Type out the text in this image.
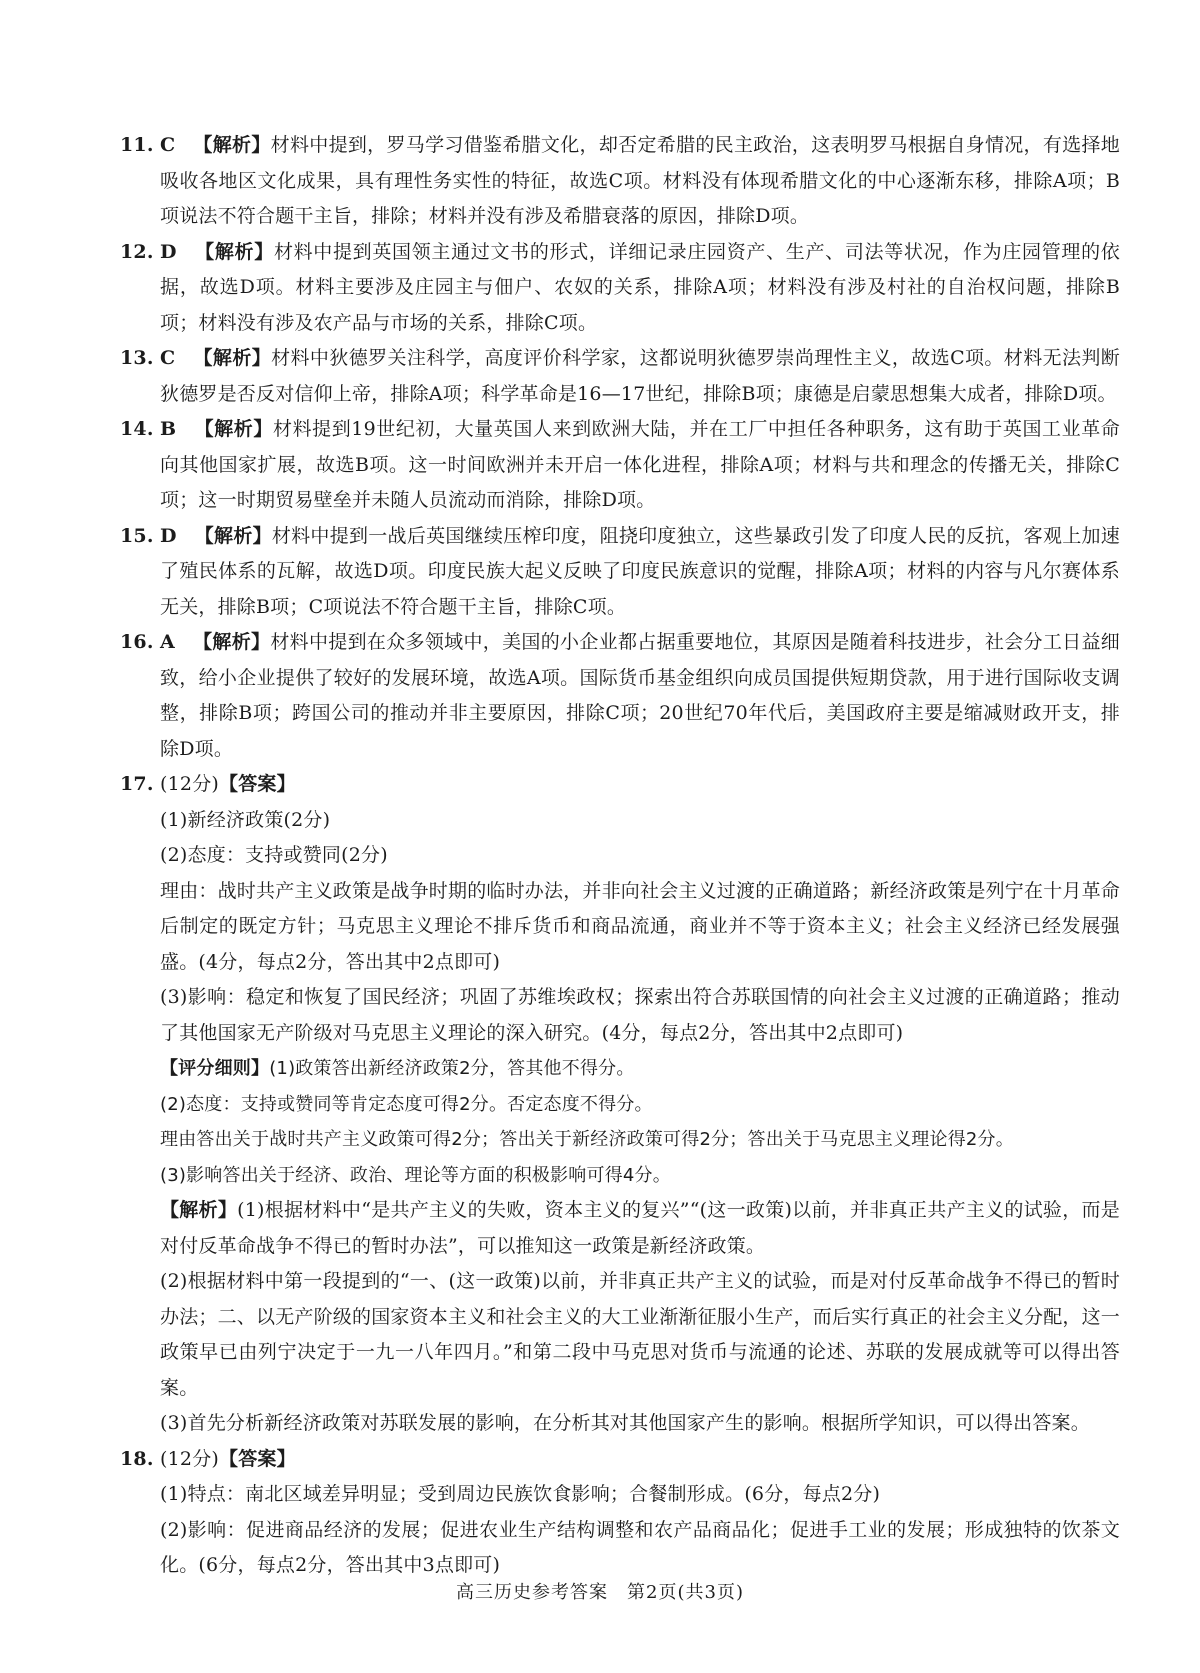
11. C 【解析】材料中提到，罗马学习借鉴希腊文化，却否定希腊的民主政治，这表明罗马根据自身情况，有选择地吸收各地区文化成果，具有理性务实性的特征，故选C项。材料没有体现希腊文化的中心逐渐东移，排除A项；B项说法不符合题干主旨，排除；材料并没有涉及希腊衰落的原因，排除D项。
12. D 【解析】材料中提到英国领主通过文书的形式，详细记录庄园资产、生产、司法等状况，作为庄园管理的依据，故选D项。材料主要涉及庄园主与佃户、农奴的关系，排除A项；材料没有涉及村社的自治权问题，排除B项；材料没有涉及农产品与市场的关系，排除C项。
13. C 【解析】材料中狄德罗关注科学，高度评价科学家，这都说明狄德罗崇尚理性主义，故选C项。材料无法判断狄德罗是否反对信仰上帝，排除A项；科学革命是16—17世纪，排除B项；康德是启蒙思想集大成者，排除D项。
14. B 【解析】材料提到19世纪初，大量英国人来到欧洲大陆，并在工厂中担任各种职务，这有助于英国工业革命向其他国家扩展，故选B项。这一时间欧洲并未开启一体化进程，排除A项；材料与共和理念的传播无关，排除C项；这一时期贸易壁垒并未随人员流动而消除，排除D项。
15. D 【解析】材料中提到一战后英国继续压榨印度，阻挠印度独立，这些暴政引发了印度人民的反抗，客观上加速了殖民体系的瓦解，故选D项。印度民族大起义反映了印度民族意识的觉醒，排除A项；材料的内容与凡尔赛体系无关，排除B项；C项说法不符合题干主旨，排除C项。
16. A 【解析】材料中提到在众多领域中，美国的小企业都占据重要地位，其原因是随着科技进步，社会分工日益细致，给小企业提供了较好的发展环境，故选A项。国际货币基金组织向成员国提供短期贷款，用于进行国际收支调整，排除B项；跨国公司的推动并非主要原因，排除C项；20世纪70年代后，美国政府主要是缩减财政开支，排除D项。
17. (12分)【答案】
(1)新经济政策(2分)
(2)态度：支持或赞同(2分)
理由：战时共产主义政策是战争时期的临时办法，并非向社会主义过渡的正确道路；新经济政策是列宁在十月革命后制定的既定方针；马克思主义理论不排斥货币和商品流通，商业并不等于资本主义；社会主义经济已经发展强盛。(4分，每点2分，答出其中2点即可)
(3)影响：稳定和恢复了国民经济；巩固了苏维埃政权；探索出符合苏联国情的向社会主义过渡的正确道路；推动了其他国家无产阶级对马克思主义理论的深入研究。(4分，每点2分，答出其中2点即可)
【评分细则】(1)政策答出新经济政策2分，答其他不得分。
(2)态度：支持或赞同等肯定态度可得2分。否定态度不得分。
理由答出关于战时共产主义政策可得2分；答出关于新经济政策可得2分；答出关于马克思主义理论得2分。
(3)影响答出关于经济、政治、理论等方面的积极影响可得4分。
【解析】(1)根据材料中“是共产主义的失败，资本主义的复兴”“(这一政策)以前，并非真正共产主义的试验，而是对付反革命战争不得已的暂时办法”，可以推知这一政策是新经济政策。
(2)根据材料中第一段提到的“一、(这一政策)以前，并非真正共产主义的试验，而是对付反革命战争不得已的暂时办法；二、以无产阶级的国家资本主义和社会主义的大工业渐渐征服小生产，而后实行真正的社会主义分配，这一政策早已由列宁决定于一九一八年四月。”和第二段中马克思对货币与流通的论述、苏联的发展成就等可以得出答案。
(3)首先分析新经济政策对苏联发展的影响，在分析其对其他国家产生的影响。根据所学知识，可以得出答案。
18. (12分)【答案】
(1)特点：南北区域差异明显；受到周边民族饮食影响；合餐制形成。(6分，每点2分)
(2)影响：促进商品经济的发展；促进农业生产结构调整和农产品商品化；促进手工业的发展；形成独特的饮茶文化。(6分，每点2分，答出其中3点即可)
高三历史参考答案　第2页(共3页)
